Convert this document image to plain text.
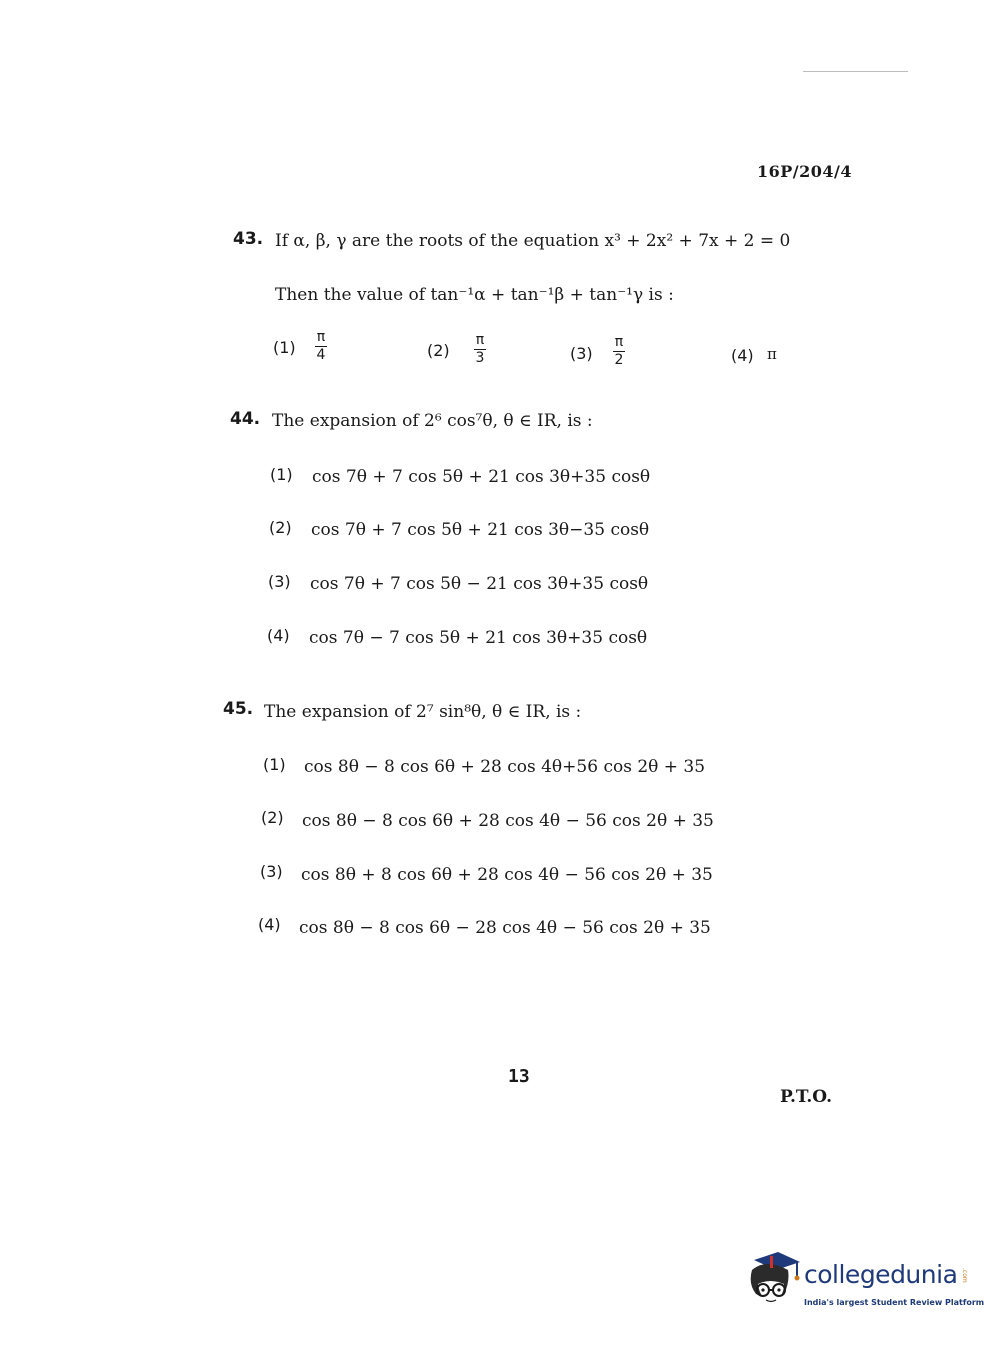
16P/204/4
43. If α, β, γ are the roots of the equation x³ + 2x² + 7x + 2 = 0
Then the value of tan⁻¹α + tan⁻¹β + tan⁻¹γ is :
(1)
π
4	(2)
π
3	(3)
π
2	(4) π
44. The expansion of 2⁶ cos⁷θ, θ ∈ IR, is :
(1) cos 7θ + 7 cos 5θ + 21 cos 3θ+35 cosθ
(2) cos 7θ + 7 cos 5θ + 21 cos 3θ−35 cosθ
(3) cos 7θ + 7 cos 5θ − 21 cos 3θ+35 cosθ
(4) cos 7θ − 7 cos 5θ + 21 cos 3θ+35 cosθ
45. The expansion of 2⁷ sin⁸θ, θ ∈ IR, is :
(1) cos 8θ − 8 cos 6θ + 28 cos 4θ+56 cos 2θ + 35
(2) cos 8θ − 8 cos 6θ + 28 cos 4θ − 56 cos 2θ + 35
(3) cos 8θ + 8 cos 6θ + 28 cos 4θ − 56 cos 2θ + 35
(4) cos 8θ − 8 cos 6θ − 28 cos 4θ − 56 cos 2θ + 35
13
P.T.O.
collegedunia .com
India's largest Student Review Platform
